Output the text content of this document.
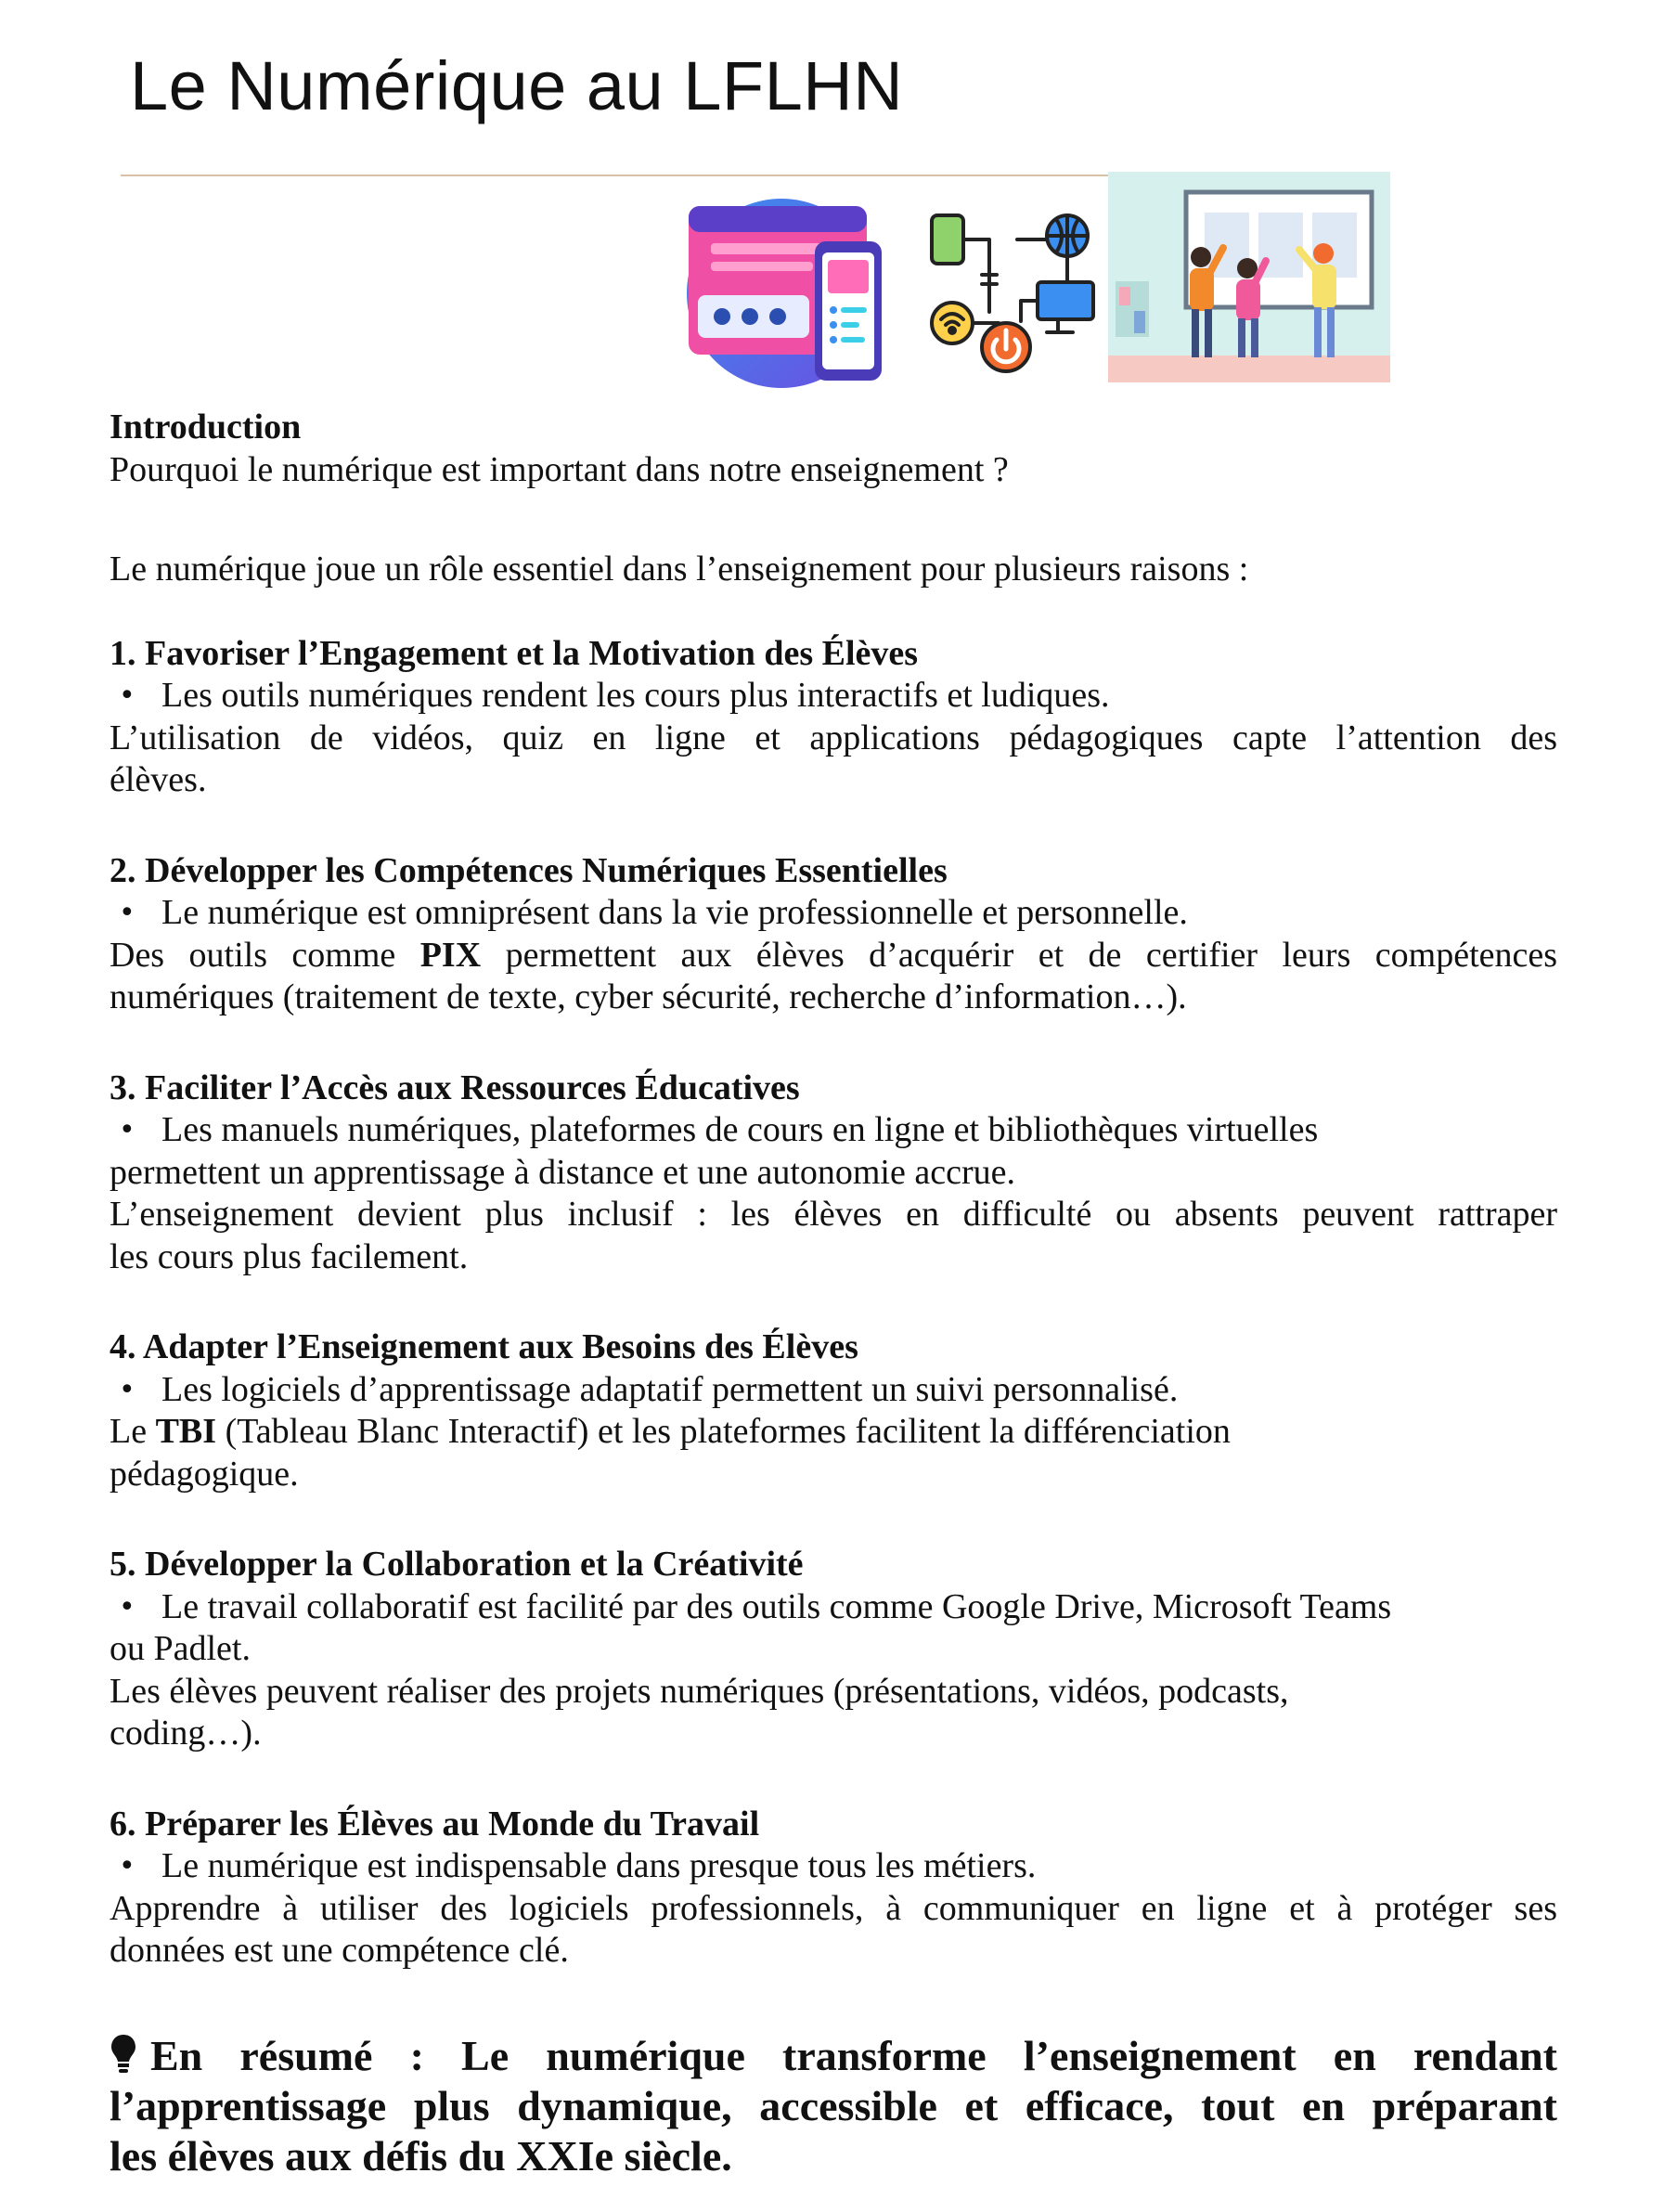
Le Numérique au LFLHN

Introduction

Pourquoi le numérique est important dans notre enseignement ?

Le numérique joue un rôle essentiel dans l’enseignement pour plusieurs raisons :

1. Favoriser l’Engagement et la Motivation des Élèves

• Les outils numériques rendent les cours plus interactifs et ludiques.

L’utilisation de vidéos, quiz en ligne et applications pédagogiques capte l’attention des

élèves.

2. Développer les Compétences Numériques Essentielles

• Le numérique est omniprésent dans la vie professionnelle et personnelle.

Des outils comme PIX permettent aux élèves d’acquérir et de certifier leurs compétences

numériques (traitement de texte, cyber sécurité, recherche d’information…).

3. Faciliter l’Accès aux Ressources Éducatives

• Les manuels numériques, plateformes de cours en ligne et bibliothèques virtuelles

permettent un apprentissage à distance et une autonomie accrue.

L’enseignement devient plus inclusif : les élèves en difficulté ou absents peuvent rattraper

les cours plus facilement.

4. Adapter l’Enseignement aux Besoins des Élèves

• Les logiciels d’apprentissage adaptatif permettent un suivi personnalisé.

Le TBI (Tableau Blanc Interactif) et les plateformes facilitent la différenciation

pédagogique.

5. Développer la Collaboration et la Créativité

• Le travail collaboratif est facilité par des outils comme Google Drive, Microsoft Teams

ou Padlet.

Les élèves peuvent réaliser des projets numériques (présentations, vidéos, podcasts,

coding…).

6. Préparer les Élèves au Monde du Travail

• Le numérique est indispensable dans presque tous les métiers.

Apprendre à utiliser des logiciels professionnels, à communiquer en ligne et à protéger ses

données est une compétence clé.

En résumé : Le numérique transforme l’enseignement en rendant
l’apprentissage plus dynamique, accessible et efficace, tout en préparant
les élèves aux défis du XXIe siècle.
